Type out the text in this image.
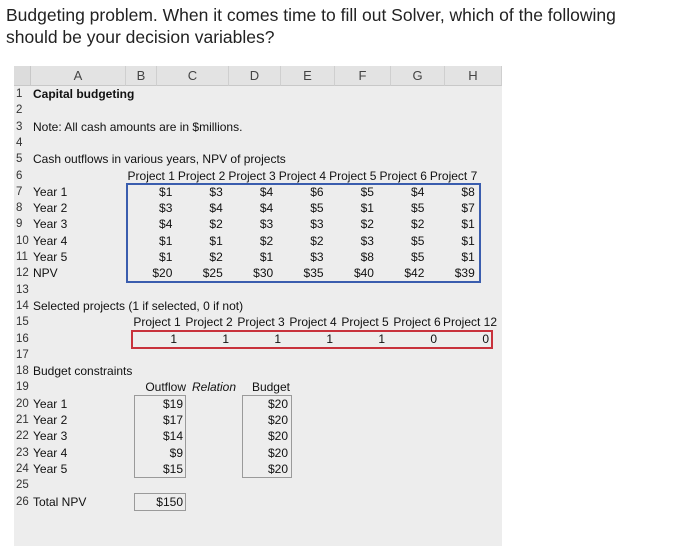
Budgeting problem. When it comes time to fill out Solver, which of the following
should be your decision variables?
A	B	C	D	E	F	G	H
1
2
3
4
5
6
7
8
9
10
11
12
13
14
15
16
17
18
19
20
21
22
23
24
25
26
Capital budgeting
Note: All cash amounts are in $millions.
Cash outflows in various years, NPV of projects
Project 1 Project 2 Project 3 Project 4 Project 5 Project 6 Project 7
Year 1	$1	$3	$4	$6	$5	$4	$8
Year 2	$3	$4	$4	$5	$1	$5	$7
Year 3	$4	$2	$3	$3	$2	$2	$1
Year 4	$1	$1	$2	$2	$3	$5	$1
Year 5	$1	$2	$1	$3	$8	$5	$1
NPV	$20	$25	$30	$35	$40	$42	$39
Selected projects (1 if selected, 0 if not)
Project 1 Project 2 Project 3 Project 4 Project 5 Project 6 Project 12
1	1	1	1	1	0	0
Budget constraints
Outflow Relation	Budget
Year 1	$19	$20
Year 2	$17	$20
Year 3	$14	$20
Year 4	$9	$20
Year 5	$15	$20
Total NPV	$150
